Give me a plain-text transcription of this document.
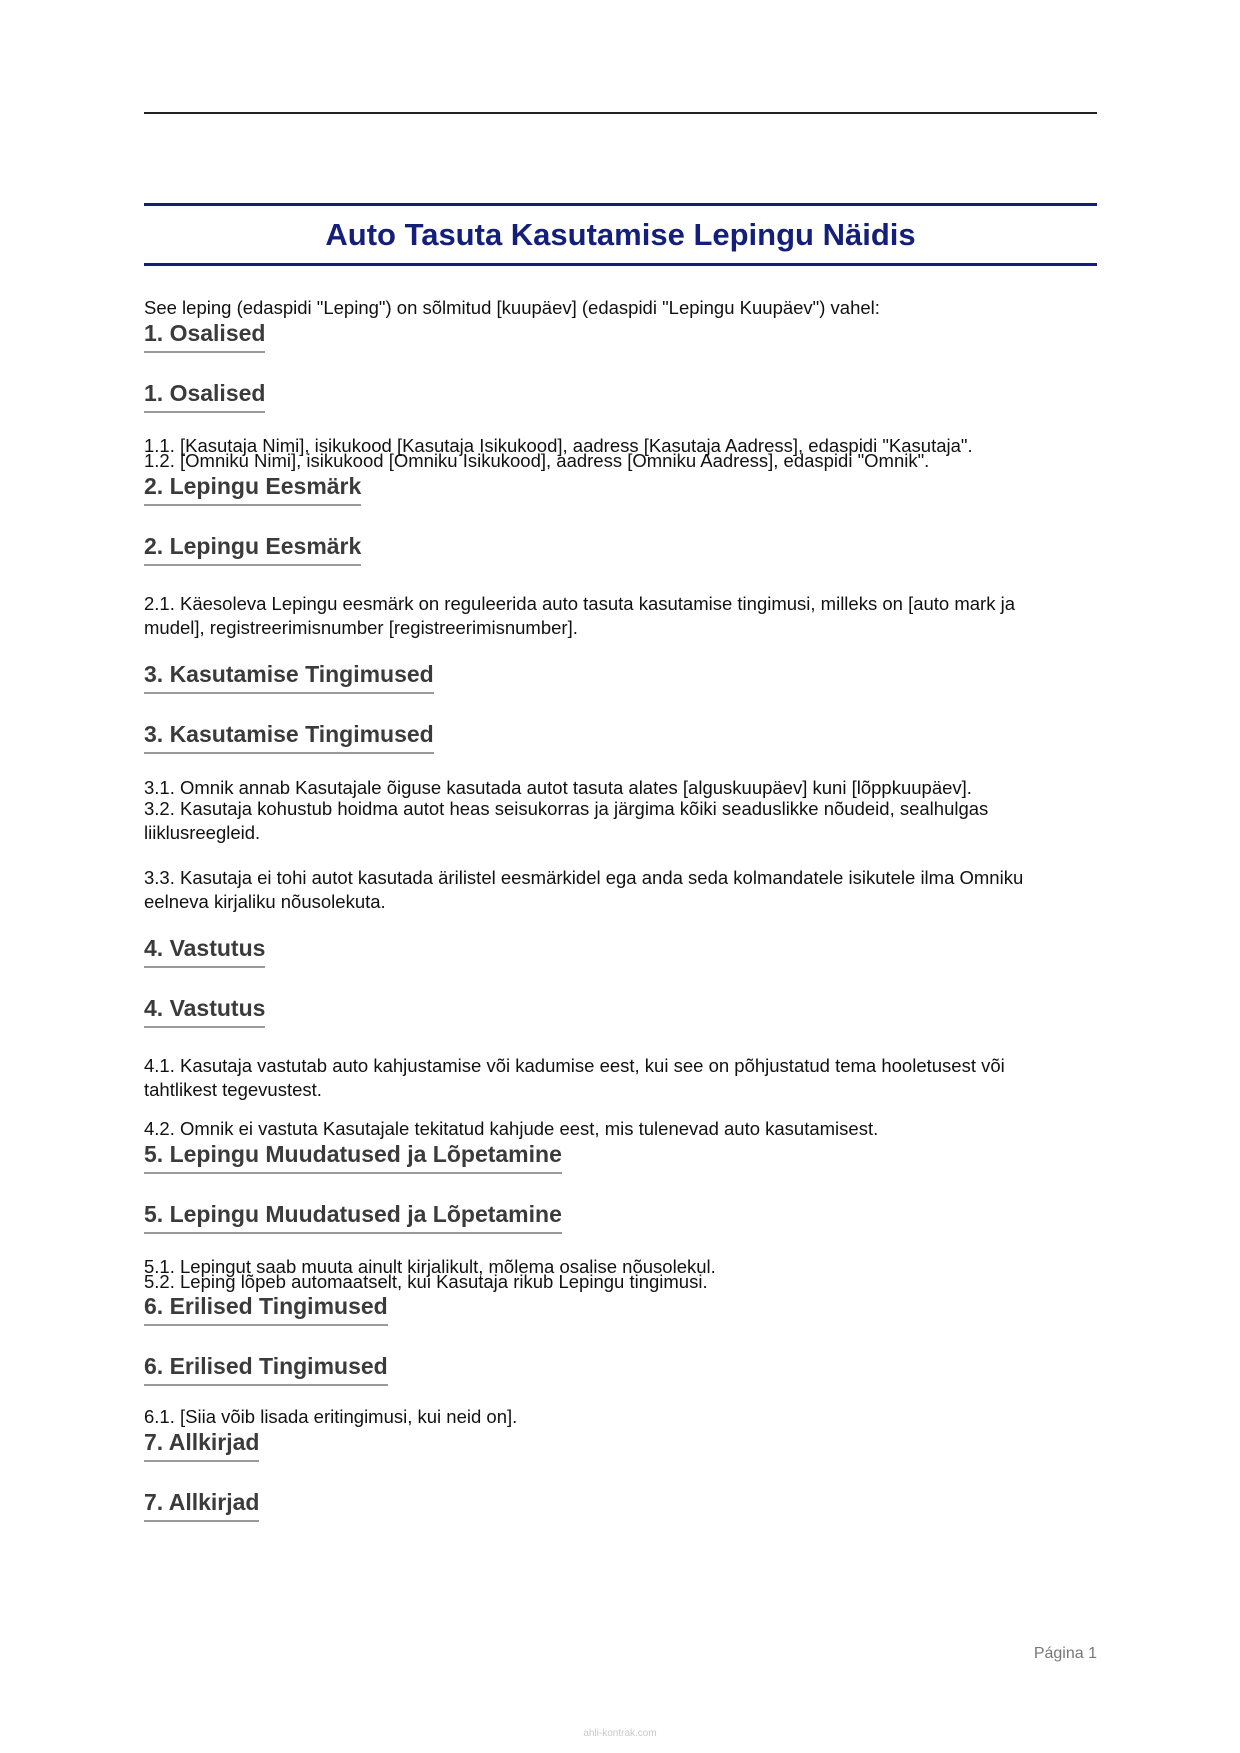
Auto Tasuta Kasutamise Lepingu Näidis

See leping (edaspidi "Leping") on sõlmitud [kuupäev] (edaspidi "Lepingu Kuupäev") vahel:

1. Osalised
1. Osalised

1.1. [Kasutaja Nimi], isikukood [Kasutaja Isikukood], aadress [Kasutaja Aadress], edaspidi "Kasutaja".

1.2. [Omniku Nimi], isikukood [Omniku Isikukood], aadress [Omniku Aadress], edaspidi "Omnik".

2. Lepingu Eesmärk
2. Lepingu Eesmärk

2.1. Käesoleva Lepingu eesmärk on reguleerida auto tasuta kasutamise tingimusi, milleks on [auto mark ja mudel], registreerimisnumber [registreerimisnumber].

3. Kasutamise Tingimused
3. Kasutamise Tingimused

3.1. Omnik annab Kasutajale õiguse kasutada autot tasuta alates [alguskuupäev] kuni [lõppkuupäev].

3.2. Kasutaja kohustub hoidma autot heas seisukorras ja järgima kõiki seaduslikke nõudeid, sealhulgas liiklusreegleid.

3.3. Kasutaja ei tohi autot kasutada ärilistel eesmärkidel ega anda seda kolmandatele isikutele ilma Omniku eelneva kirjaliku nõusolekuta.

4. Vastutus
4. Vastutus

4.1. Kasutaja vastutab auto kahjustamise või kadumise eest, kui see on põhjustatud tema hooletusest või tahtlikest tegevustest.

4.2. Omnik ei vastuta Kasutajale tekitatud kahjude eest, mis tulenevad auto kasutamisest.

5. Lepingu Muudatused ja Lõpetamine
5. Lepingu Muudatused ja Lõpetamine

5.1. Lepingut saab muuta ainult kirjalikult, mõlema osalise nõusolekul.

5.2. Leping lõpeb automaatselt, kui Kasutaja rikub Lepingu tingimusi.

6. Erilised Tingimused
6. Erilised Tingimused

6.1. [Siia võib lisada eritingimusi, kui neid on].

7. Allkirjad
7. Allkirjad
Página 1
ahli-kontrak.com
